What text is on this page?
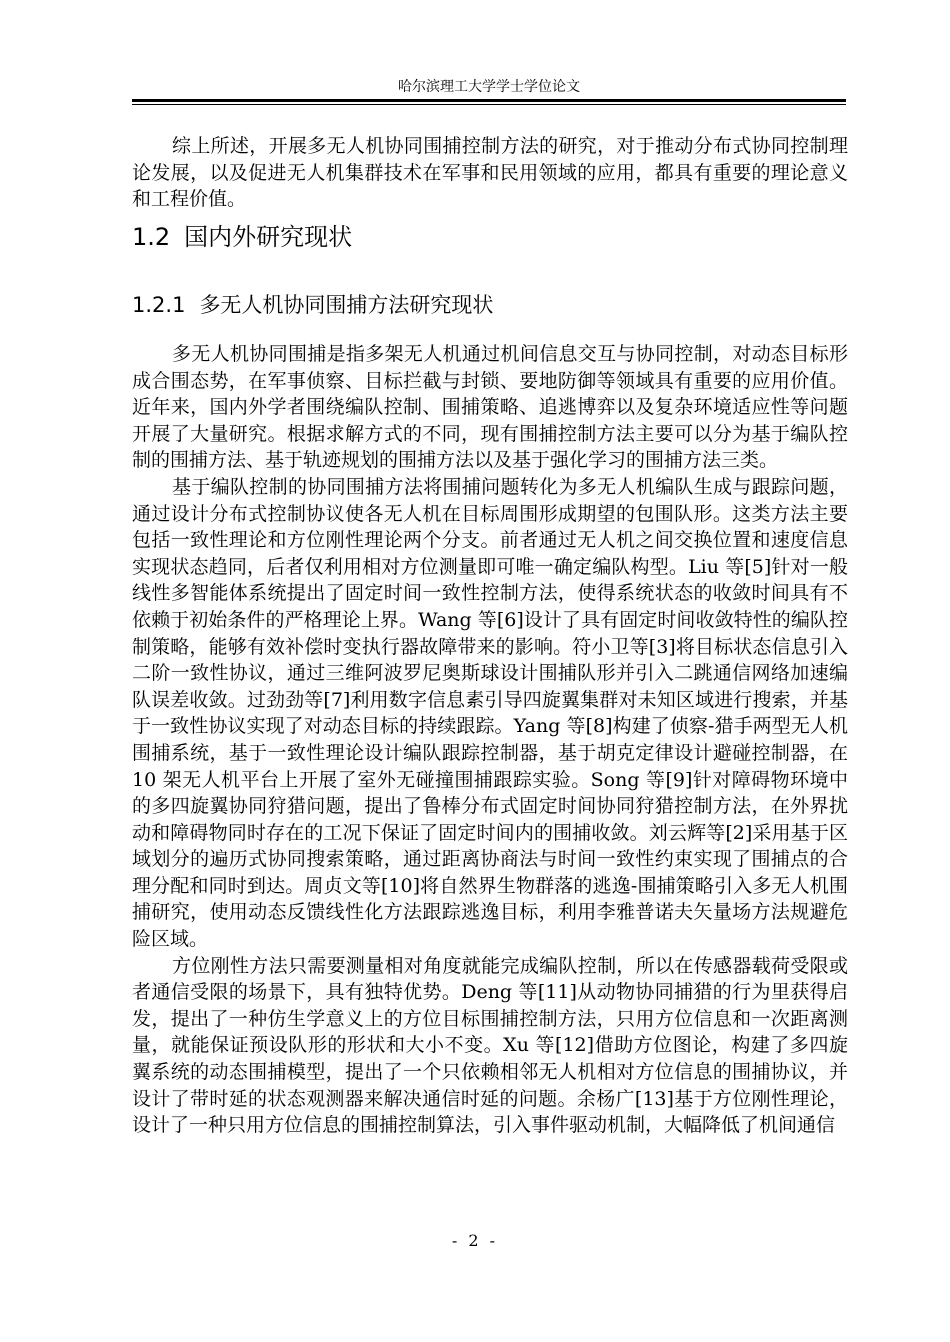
哈尔滨理工大学学士学位论文

综上所述，开展多无人机协同围捕控制方法的研究，对于推动分布式协同控制理论发展，以及促进无人机集群技术在军事和民用领域的应用，都具有重要的理论意义和工程价值。

1.2 国内外研究现状
1.2.1 多无人机协同围捕方法研究现状

多无人机协同围捕是指多架无人机通过机间信息交互与协同控制，对动态目标形成合围态势，在军事侦察、目标拦截与封锁、要地防御等领域具有重要的应用价值。近年来，国内外学者围绕编队控制、围捕策略、追逃博弈以及复杂环境适应性等问题开展了大量研究。根据求解方式的不同，现有围捕控制方法主要可以分为基于编队控制的围捕方法、基于轨迹规划的围捕方法以及基于强化学习的围捕方法三类。

基于编队控制的协同围捕方法将围捕问题转化为多无人机编队生成与跟踪问题，通过设计分布式控制协议使各无人机在目标周围形成期望的包围队形。这类方法主要包括一致性理论和方位刚性理论两个分支。前者通过无人机之间交换位置和速度信息实现状态趋同，后者仅利用相对方位测量即可唯一确定编队构型。Liu 等[5]针对一般线性多智能体系统提出了固定时间一致性控制方法，使得系统状态的收敛时间具有不依赖于初始条件的严格理论上界。Wang 等[6]设计了具有固定时间收敛特性的编队控制策略，能够有效补偿时变执行器故障带来的影响。符小卫等[3]将目标状态信息引入二阶一致性协议，通过三维阿波罗尼奥斯球设计围捕队形并引入二跳通信网络加速编队误差收敛。过劲劲等[7]利用数字信息素引导四旋翼集群对未知区域进行搜索，并基于一致性协议实现了对动态目标的持续跟踪。Yang 等[8]构建了侦察-猎手两型无人机围捕系统，基于一致性理论设计编队跟踪控制器，基于胡克定律设计避碰控制器，在 10 架无人机平台上开展了室外无碰撞围捕跟踪实验。Song 等[9]针对障碍物环境中的多四旋翼协同狩猎问题，提出了鲁棒分布式固定时间协同狩猎控制方法，在外界扰动和障碍物同时存在的工况下保证了固定时间内的围捕收敛。刘云辉等[2]采用基于区域划分的遍历式协同搜索策略，通过距离协商法与时间一致性约束实现了围捕点的合理分配和同时到达。周贞文等[10]将自然界生物群落的逃逸-围捕策略引入多无人机围捕研究，使用动态反馈线性化方法跟踪逃逸目标，利用李雅普诺夫矢量场方法规避危险区域。

方位刚性方法只需要测量相对角度就能完成编队控制，所以在传感器载荷受限或者通信受限的场景下，具有独特优势。Deng 等[11]从动物协同捕猎的行为里获得启发，提出了一种仿生学意义上的方位目标围捕控制方法，只用方位信息和一次距离测量，就能保证预设队形的形状和大小不变。Xu 等[12]借助方位图论，构建了多四旋翼系统的动态围捕模型，提出了一个只依赖相邻无人机相对方位信息的围捕协议，并设计了带时延的状态观测器来解决通信时延的问题。余杨广[13]基于方位刚性理论，设计了一种只用方位信息的围捕控制算法，引入事件驱动机制，大幅降低了机间通信

- 2 -
